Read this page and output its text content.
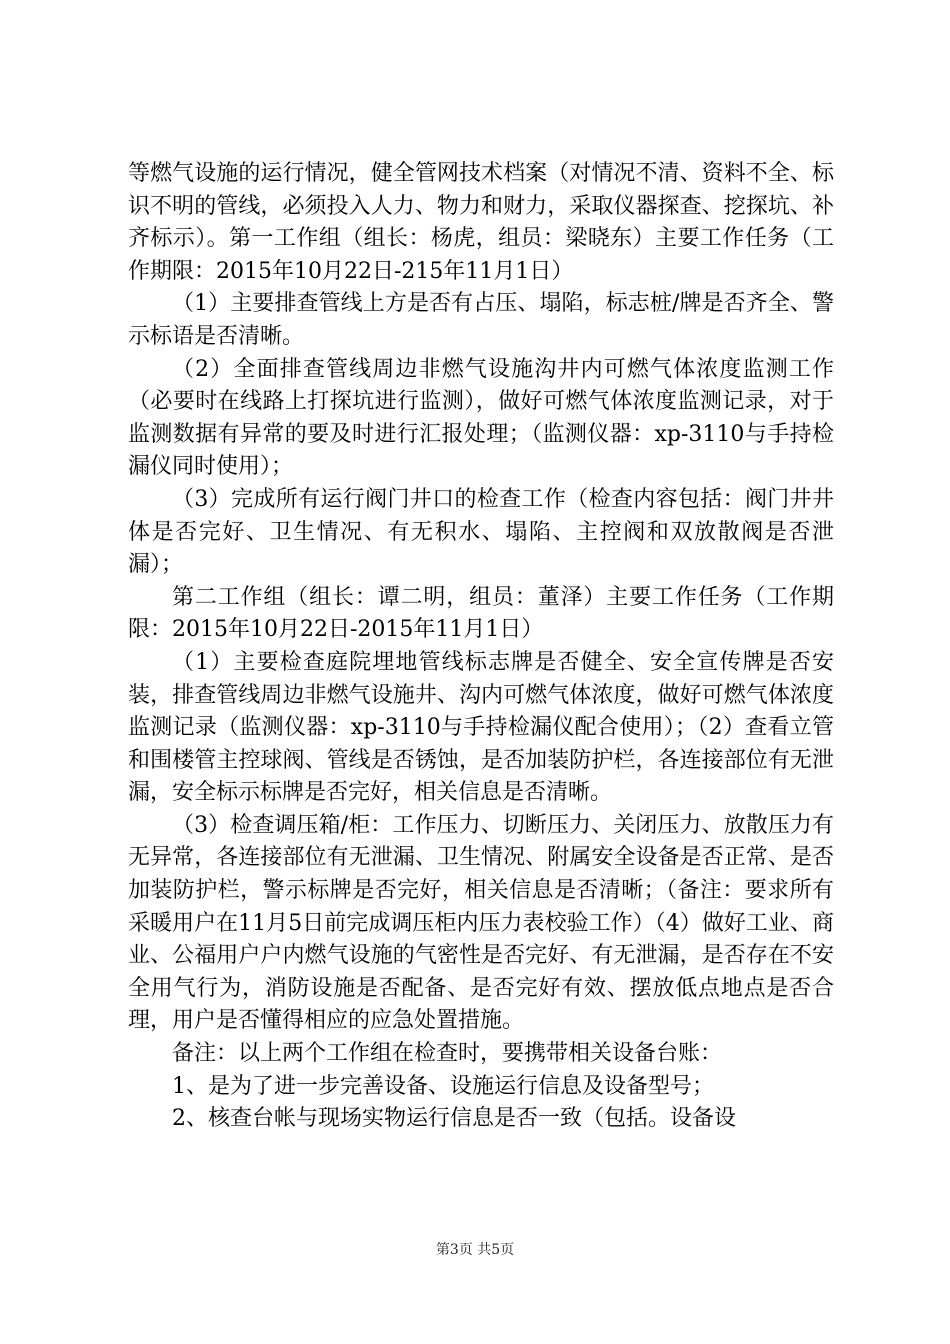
等燃气设施的运行情况，健全管网技术档案（对情况不清、资料不全、标识不明的管线，必须投入人力、物力和财力，采取仪器探查、挖探坑、补齐标示）。第一工作组（组长：杨虎，组员：梁晓东）主要工作任务（工作期限：2015年10月22日-215年11月1日）

（1）主要排查管线上方是否有占压、塌陷，标志桩/牌是否齐全、警示标语是否清晰。

（2）全面排查管线周边非燃气设施沟井内可燃气体浓度监测工作（必要时在线路上打探坑进行监测），做好可燃气体浓度监测记录，对于监测数据有异常的要及时进行汇报处理；（监测仪器：xp-3110与手持检漏仪同时使用）；

（3）完成所有运行阀门井口的检查工作（检查内容包括：阀门井井体是否完好、卫生情况、有无积水、塌陷、主控阀和双放散阀是否泄漏）；

第二工作组（组长：谭二明，组员：董泽）主要工作任务（工作期限：2015年10月22日-2015年11月1日）

（1）主要检查庭院埋地管线标志牌是否健全、安全宣传牌是否安装，排查管线周边非燃气设施井、沟内可燃气体浓度，做好可燃气体浓度监测记录（监测仪器：xp-3110与手持检漏仪配合使用）；（2）查看立管和围楼管主控球阀、管线是否锈蚀，是否加装防护栏，各连接部位有无泄漏，安全标示标牌是否完好，相关信息是否清晰。

（3）检查调压箱/柜：工作压力、切断压力、关闭压力、放散压力有无异常，各连接部位有无泄漏、卫生情况、附属安全设备是否正常、是否加装防护栏，警示标牌是否完好，相关信息是否清晰；（备注：要求所有采暖用户在11月5日前完成调压柜内压力表校验工作）（4）做好工业、商业、公福用户户内燃气设施的气密性是否完好、有无泄漏，是否存在不安全用气行为，消防设施是否配备、是否完好有效、摆放低点地点是否合理，用户是否懂得相应的应急处置措施。

备注：以上两个工作组在检查时，要携带相关设备台账：

1、是为了进一步完善设备、设施运行信息及设备型号；

2、核查台帐与现场实物运行信息是否一致（包括。设备设

第3页 共5页
